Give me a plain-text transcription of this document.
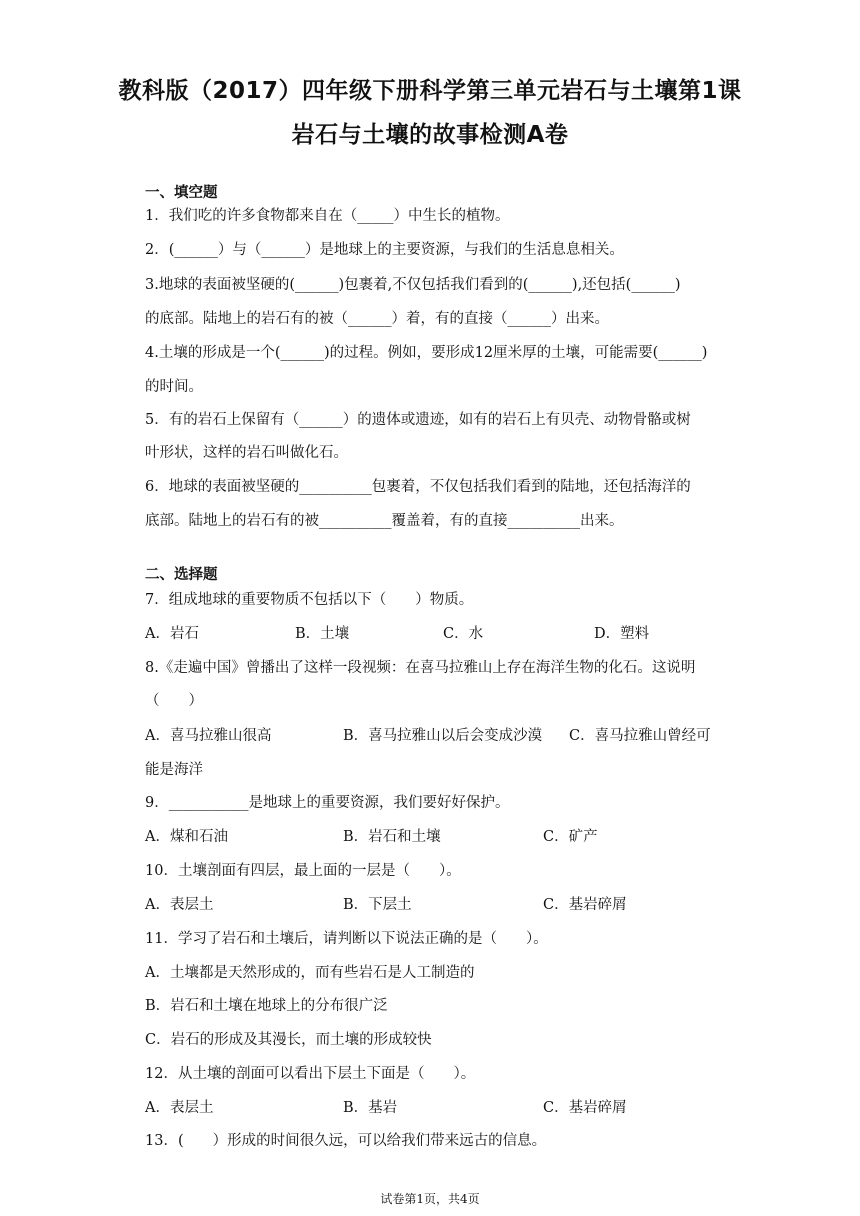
教科版（2017）四年级下册科学第三单元岩石与土壤第1课
岩石与土壤的故事检测A卷
一、填空题
1．我们吃的许多食物都来自在（_____）中生长的植物。
2．(______）与（______）是地球上的主要资源，与我们的生活息息相关。
3.地球的表面被坚硬的(______)包裹着,不仅包括我们看到的(______),还包括(______)
的底部。陆地上的岩石有的被（______）着，有的直接（______）出来。
4.土壤的形成是一个(______)的过程。例如，要形成12厘米厚的土壤，可能需要(______)
的时间。
5．有的岩石上保留有（______）的遗体或遗迹，如有的岩石上有贝壳、动物骨骼或树
叶形状，这样的岩石叫做化石。
6．地球的表面被坚硬的__________包裹着，不仅包括我们看到的陆地，还包括海洋的
底部。陆地上的岩石有的被__________覆盖着，有的直接__________出来。
二、选择题
7．组成地球的重要物质不包括以下（　　）物质。
A．岩石	B．土壤	C．水	D．塑料
8.《走遍中国》曾播出了这样一段视频：在喜马拉雅山上存在海洋生物的化石。这说明
（　　）
A．喜马拉雅山很高	B．喜马拉雅山以后会变成沙漠 C．喜马拉雅山曾经可
能是海洋
9．___________是地球上的重要资源，我们要好好保护。
A．煤和石油	B．岩石和土壤	C．矿产
10．土壤剖面有四层，最上面的一层是（　　）。
A．表层土	B．下层土	C．基岩碎屑
11．学习了岩石和土壤后，请判断以下说法正确的是（　　）。
A．土壤都是天然形成的，而有些岩石是人工制造的
B．岩石和土壤在地球上的分布很广泛
C．岩石的形成及其漫长，而土壤的形成较快
12．从土壤的剖面可以看出下层土下面是（　　）。
A．表层土	B．基岩	C．基岩碎屑
13．(　　）形成的时间很久远，可以给我们带来远古的信息。
试卷第1页，共4页
